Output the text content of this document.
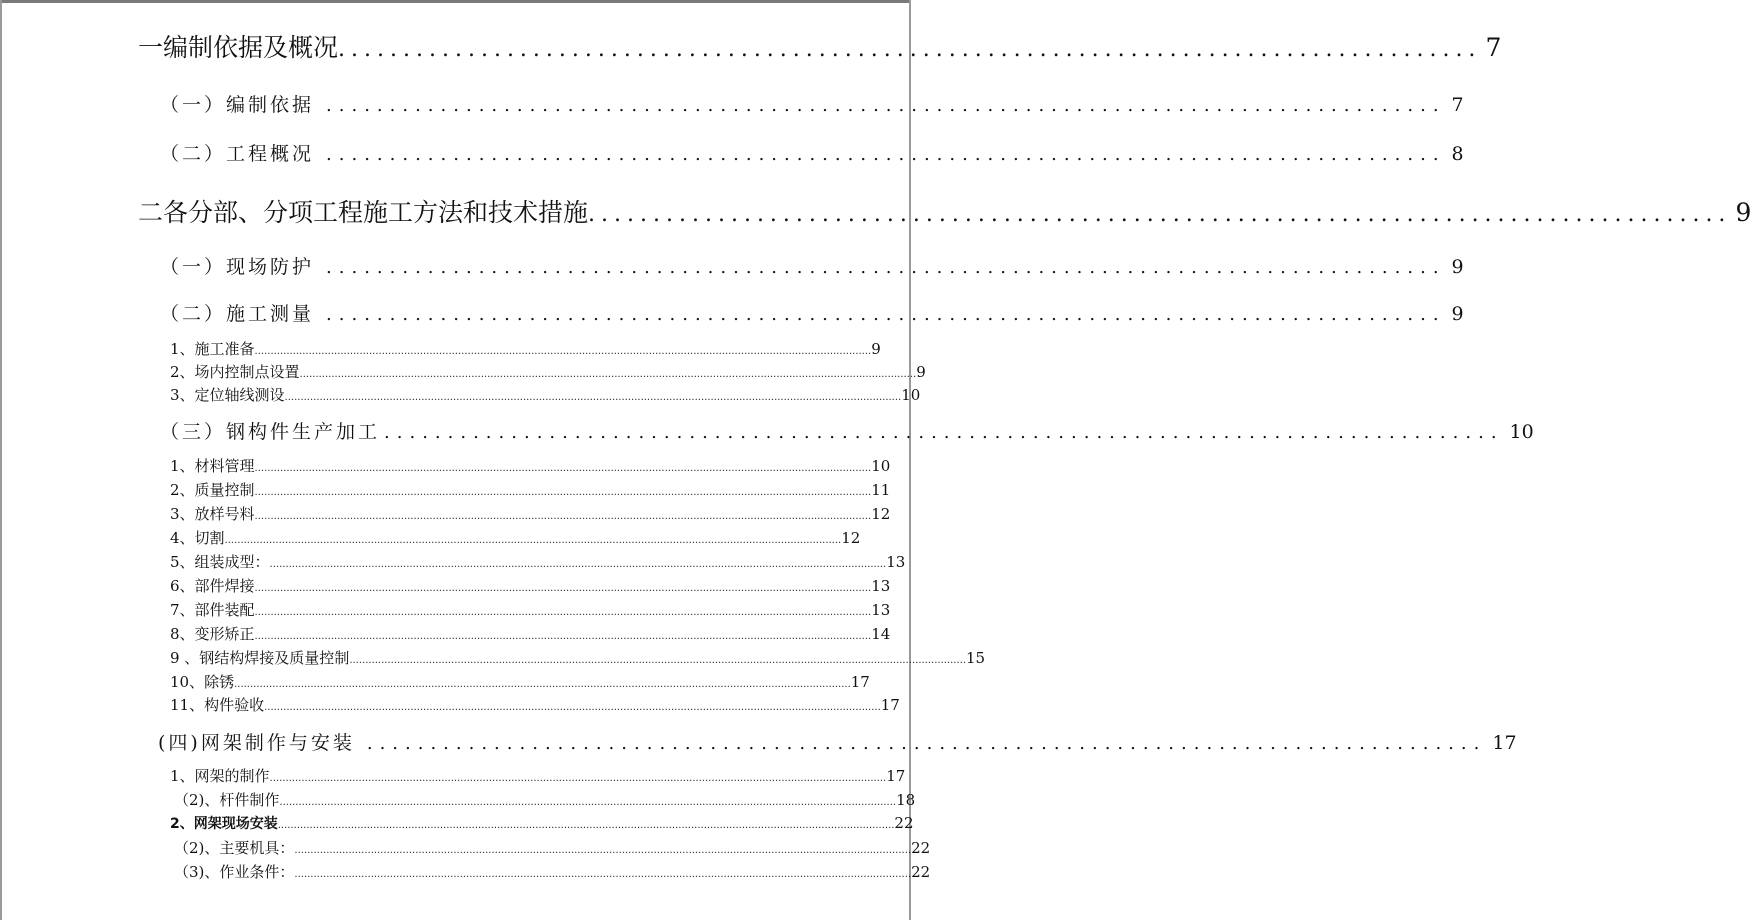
一 编制依据及概况 ........................................................................................ 7
（一） 编制依据 ........................................................................................ 7
（二） 工程概况 ........................................................................................ 8
二 各分部、分项工程施工方法和技术措施 ........................................................................................ 9
（一） 现场防护 ........................................................................................ 9
（二） 施工测量 ........................................................................................ 9
1、施工准备 .................................................................................................................................................................................................. 9
2、场内控制点设置 .................................................................................................................................................................................................. 9
3、定位轴线测设 .................................................................................................................................................................................................. 10
（三） 钢构件生产加工 ........................................................................................ 10
1、材料管理 .................................................................................................................................................................................................. 10
2、质量控制 .................................................................................................................................................................................................. 11
3、放样号料 .................................................................................................................................................................................................. 12
4、切割 .................................................................................................................................................................................................. 12
5、组装成型： .................................................................................................................................................................................................. 13
6、部件焊接 .................................................................................................................................................................................................. 13
7、部件装配 .................................................................................................................................................................................................. 13
8、变形矫正 .................................................................................................................................................................................................. 14
9 、钢结构焊接及质量控制 .................................................................................................................................................................................................. 15
10、除锈 .................................................................................................................................................................................................. 17
11、构件验收 .................................................................................................................................................................................................. 17
(四) 网架制作与安装 ........................................................................................ 17
1、网架的制作 .................................................................................................................................................................................................. 17
（2)、杆件制作 .................................................................................................................................................................................................. 18
2、网架现场安装 .................................................................................................................................................................................................. 22
（2)、主要机具： .................................................................................................................................................................................................. 22
（3)、作业条件： .................................................................................................................................................................................................. 22
